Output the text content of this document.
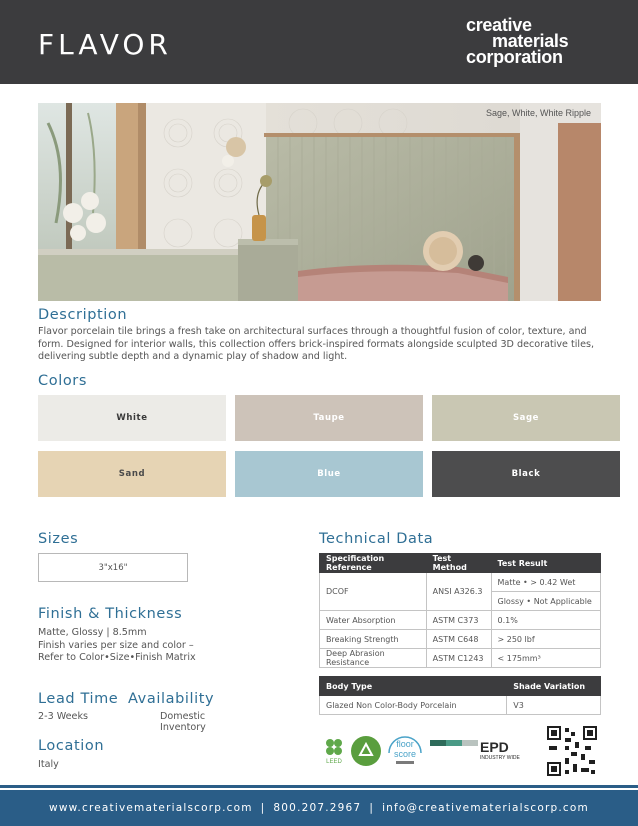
FLAVOR
creative
materials
corporation
Sage, White, White Ripple
Description
Flavor porcelain tile brings a fresh take on architectural surfaces through a thoughtful fusion of color, texture, and form. Designed for interior walls, this collection offers brick-inspired formats alongside sculpted 3D decorative tiles, delivering subtle depth and a dynamic play of shadow and light.
Colors
White	Taupe	Sage
Sand	Blue	Black
Sizes
3"x16"
Finish & Thickness
Matte, Glossy | 8.5mm
Finish varies per size and color –
Refer to Color•Size•Finish Matrix
Lead Time
2-3 Weeks
Availability
Domestic
Inventory
Location
Italy
Technical Data
Specification Reference	Test Method	Test Result
DCOF	ANSI A326.3	Matte • > 0.42 Wet
		Glossy • Not Applicable
Water Absorption	ASTM C373	0.1%
Breaking Strength	ASTM C648	> 250 lbf
Deep Abrasion Resistance	ASTM C1243	< 175mm³
Body Type	Shade Variation
Glazed Non Color-Body Porcelain	V3
LEED
floor
score	EPD
INDUSTRY WIDE
www.creativematerialscorp.com | 800.207.2967 | info@creativematerialscorp.com
